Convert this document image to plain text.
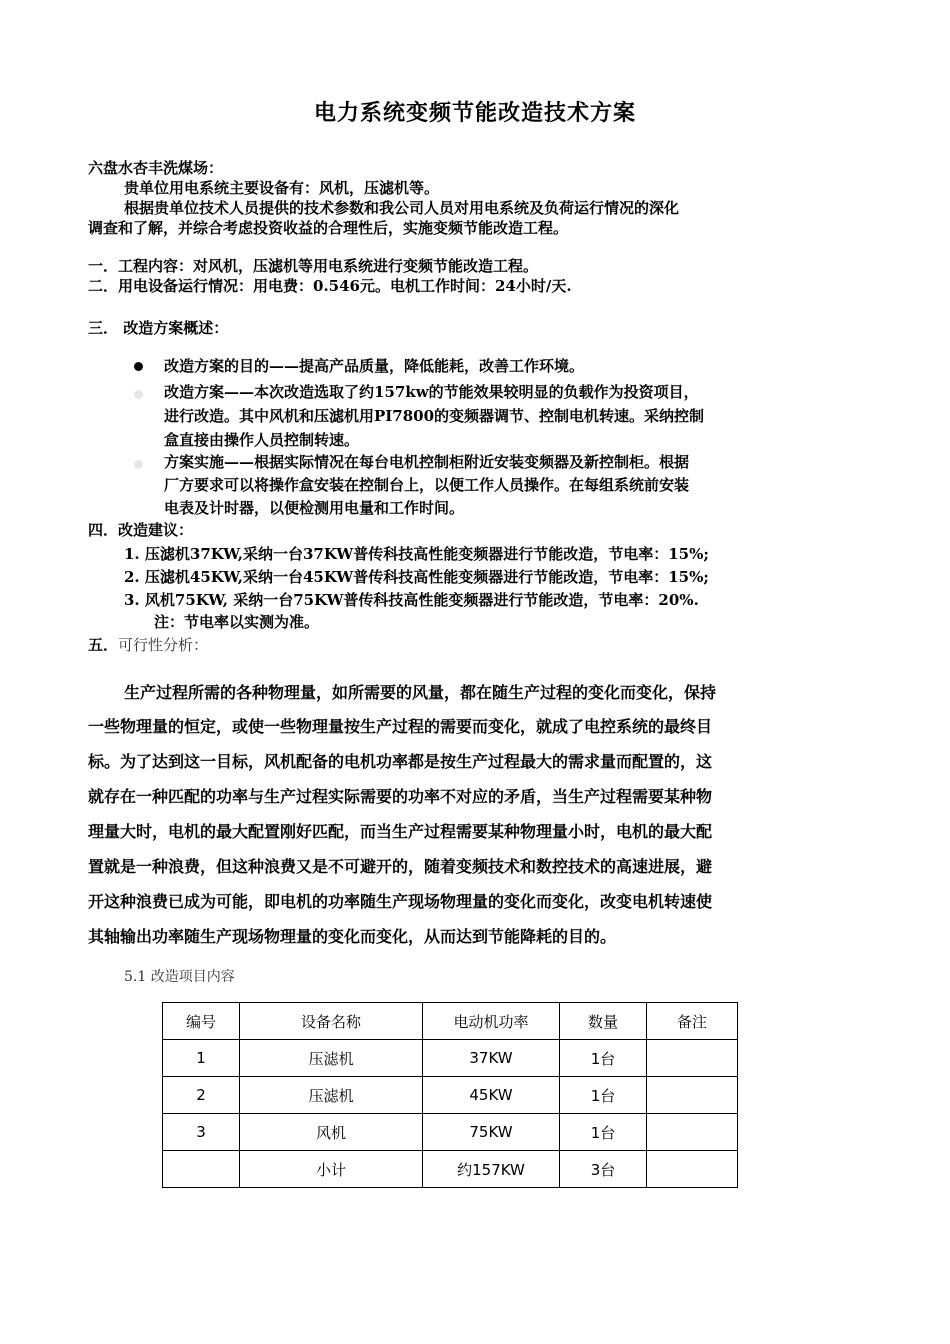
电力系统变频节能改造技术方案

六盘水杏丰洗煤场：

贵单位用电系统主要设备有：风机，压滤机等。

根据贵单位技术人员提供的技术参数和我公司人员对用电系统及负荷运行情况的深化

调查和了解，并综合考虑投资收益的合理性后，实施变频节能改造工程。

一．工程内容：对风机，压滤机等用电系统进行变频节能改造工程。

二．用电设备运行情况：用电费：0.546元。电机工作时间：24小时/天.

三． 改造方案概述：

改造方案的目的——提高产品质量，降低能耗，改善工作环境。

改造方案——本次改造选取了约157kw的节能效果较明显的负载作为投资项目，

进行改造。其中风机和压滤机用PI7800的变频器调节、控制电机转速。采纳控制

盒直接由操作人员控制转速。

方案实施——根据实际情况在每台电机控制柜附近安装变频器及新控制柜。根据

厂方要求可以将操作盒安装在控制台上，以便工作人员操作。在每组系统前安装

电表及计时器，以便检测用电量和工作时间。

四．改造建议：

1. 压滤机37KW,采纳一台37KW普传科技高性能变频器进行节能改造，节电率：15%;

2. 压滤机45KW,采纳一台45KW普传科技高性能变频器进行节能改造，节电率：15%;

3. 风机75KW, 采纳一台75KW普传科技高性能变频器进行节能改造，节电率：20%.

注：节电率以实测为准。

五．可行性分析：

生产过程所需的各种物理量，如所需要的风量，都在随生产过程的变化而变化，保持

一些物理量的恒定，或使一些物理量按生产过程的需要而变化，就成了电控系统的最终目

标。为了达到这一目标，风机配备的电机功率都是按生产过程最大的需求量而配置的，这

就存在一种匹配的功率与生产过程实际需要的功率不对应的矛盾，当生产过程需要某种物

理量大时，电机的最大配置刚好匹配，而当生产过程需要某种物理量小时，电机的最大配

置就是一种浪费，但这种浪费又是不可避开的，随着变频技术和数控技术的高速进展，避

开这种浪费已成为可能，即电机的功率随生产现场物理量的变化而变化，改变电机转速使

其轴输出功率随生产现场物理量的变化而变化，从而达到节能降耗的目的。

5.1 改造项目内容

编号	设备名称	电动机功率	数量	备注
1	压滤机	37KW	1台	
2	压滤机	45KW	1台	
3	风机	75KW	1台	
	小计	约157KW	3台	
